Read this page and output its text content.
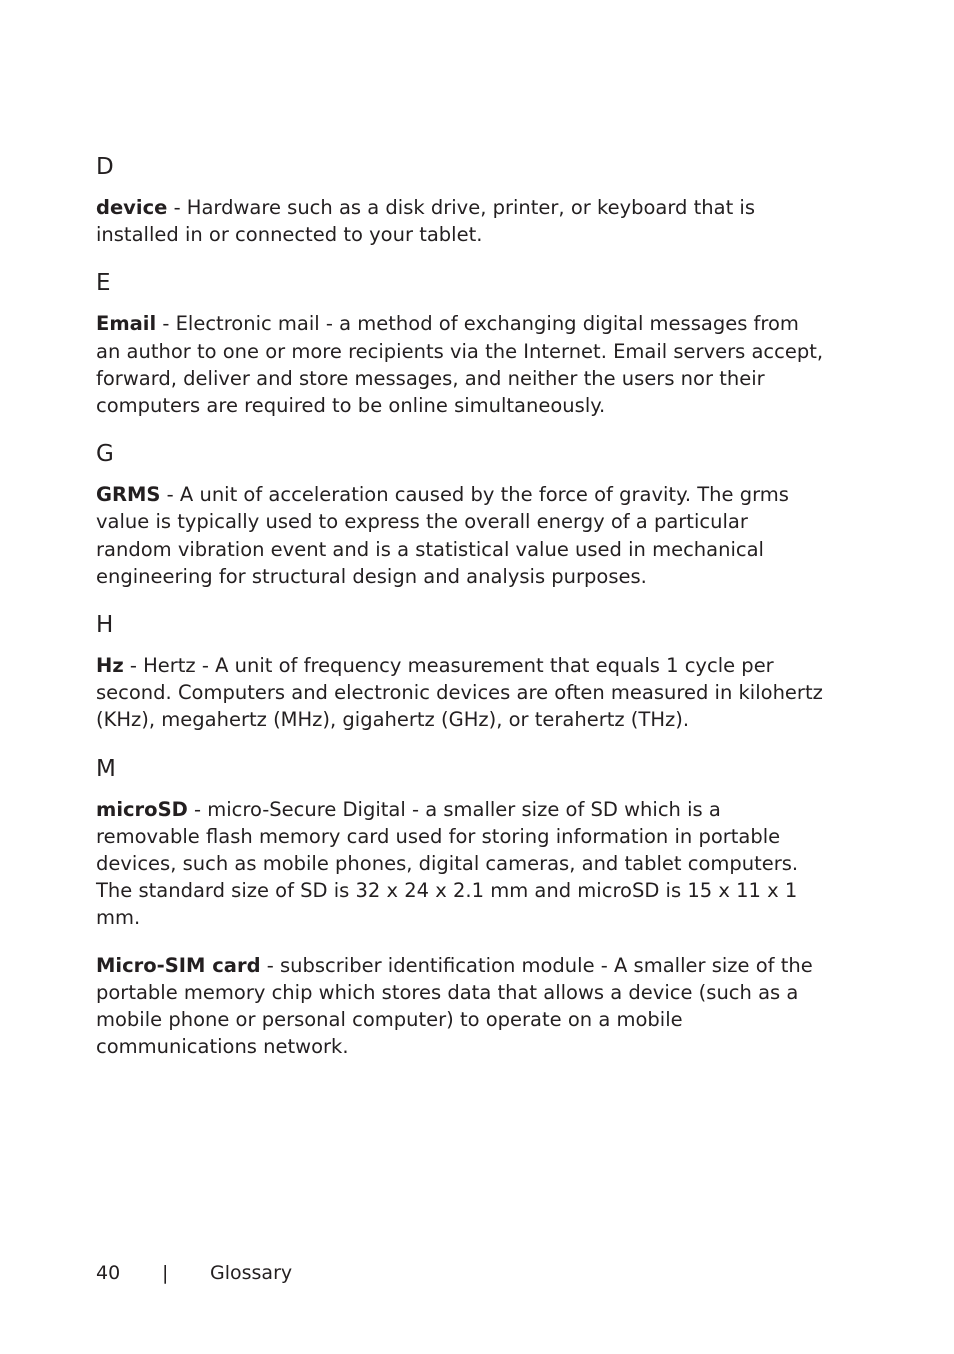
D

device - Hardware such as a disk drive, printer, or keyboard that is installed in or connected to your tablet.

E

Email - Electronic mail - a method of exchanging digital messages from an author to one or more recipients via the Internet. Email servers accept, forward, deliver and store messages, and neither the users nor their computers are required to be online simultaneously.

G

GRMS - A unit of acceleration caused by the force of gravity. The grms value is typically used to express the overall energy of a particular random vibration event and is a statistical value used in mechanical engineering for structural design and analysis purposes.

H

Hz - Hertz - A unit of frequency measurement that equals 1 cycle per second. Computers and electronic devices are often measured in kilohertz (KHz), megahertz (MHz), gigahertz (GHz), or terahertz (THz).

M

microSD - micro-Secure Digital - a smaller size of SD which is a removable flash memory card used for storing information in portable devices, such as mobile phones, digital cameras, and tablet computers. The standard size of SD is 32 x 24 x 2.1 mm and microSD is 15 x 11 x 1 mm.

Micro-SIM card - subscriber identification module - A smaller size of the portable memory chip which stores data that allows a device (such as a mobile phone or personal computer) to operate on a mobile communications network.

40 | Glossary
